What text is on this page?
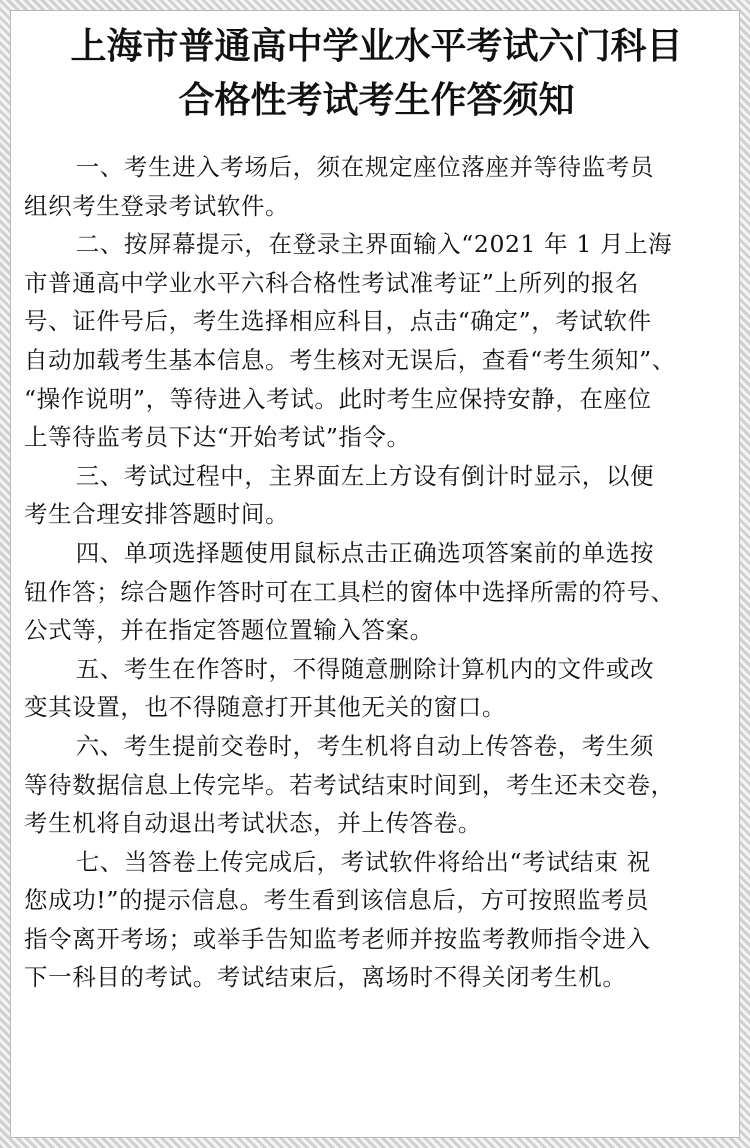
上海市普通高中学业水平考试六门科目
合格性考试考生作答须知

一、考生进入考场后，须在规定座位落座并等待监考员
组织考生登录考试软件。

二、按屏幕提示，在登录主界面输入“2021 年 1 月上海
市普通高中学业水平六科合格性考试准考证”上所列的报名
号、证件号后，考生选择相应科目，点击“确定”，考试软件
自动加载考生基本信息。考生核对无误后，查看“考生须知”、
“操作说明”，等待进入考试。此时考生应保持安静，在座位
上等待监考员下达“开始考试”指令。

三、考试过程中，主界面左上方设有倒计时显示，以便
考生合理安排答题时间。

四、单项选择题使用鼠标点击正确选项答案前的单选按
钮作答；综合题作答时可在工具栏的窗体中选择所需的符号、
公式等，并在指定答题位置输入答案。

五、考生在作答时，不得随意删除计算机内的文件或改
变其设置，也不得随意打开其他无关的窗口。

六、考生提前交卷时，考生机将自动上传答卷，考生须
等待数据信息上传完毕。若考试结束时间到，考生还未交卷，
考生机将自动退出考试状态，并上传答卷。

七、当答卷上传完成后，考试软件将给出“考试结束 祝
您成功!”的提示信息。考生看到该信息后，方可按照监考员
指令离开考场；或举手告知监考老师并按监考教师指令进入
下一科目的考试。考试结束后，离场时不得关闭考生机。
